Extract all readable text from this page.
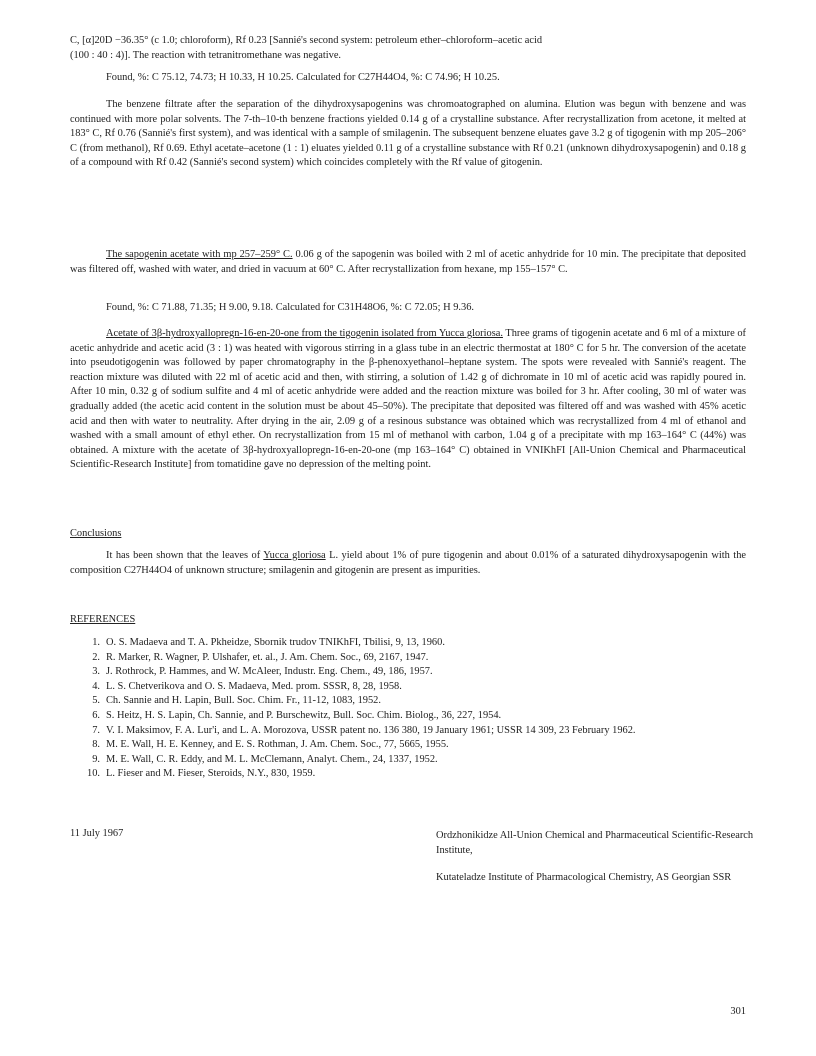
C, [α]20D −36.35° (c 1.0; chloroform), Rf 0.23 [Sannié's second system: petroleum ether–chloroform–acetic acid
(100 : 40 : 4)]. The reaction with tetranitromethane was negative.
Found, %: C 75.12, 74.73; H 10.33, H 10.25. Calculated for C27H44O4, %: C 74.96; H 10.25.
The benzene filtrate after the separation of the dihydroxysapogenins was chromoatographed on alumina. Elution was begun with benzene and was continued with more polar solvents. The 7-th–10-th benzene fractions yielded 0.14 g of a crystalline substance. After recrystallization from acetone, it melted at 183° C, Rf 0.76 (Sannié's first system), and was identical with a sample of smilagenin. The subsequent benzene eluates gave 3.2 g of tigogenin with mp 205–206° C (from methanol), Rf 0.69. Ethyl acetate–acetone (1 : 1) eluates yielded 0.11 g of a crystalline substance with Rf 0.21 (unknown dihydroxysapogenin) and 0.18 g of a compound with Rf 0.42 (Sannié's second system) which coincides completely with the Rf value of gitogenin.
The sapogenin acetate with mp 257–259° C. 0.06 g of the sapogenin was boiled with 2 ml of acetic anhydride for 10 min. The precipitate that deposited was filtered off, washed with water, and dried in vacuum at 60° C. After recrystallization from hexane, mp 155–157° C.
Found, %: C 71.88, 71.35; H 9.00, 9.18. Calculated for C31H48O6, %: C 72.05; H 9.36.
Acetate of 3β-hydroxyallopregn-16-en-20-one from the tigogenin isolated from Yucca gloriosa. Three grams of tigogenin acetate and 6 ml of a mixture of acetic anhydride and acetic acid (3 : 1) was heated with vigorous stirring in a glass tube in an electric thermostat at 180° C for 5 hr. The conversion of the acetate into pseudotigogenin was followed by paper chromatography in the β-phenoxyethanol–heptane system. The spots were revealed with Sannié's reagent. The reaction mixture was diluted with 22 ml of acetic acid and then, with stirring, a solution of 1.42 g of dichromate in 10 ml of acetic acid was rapidly poured in. After 10 min, 0.32 g of sodium sulfite and 4 ml of acetic anhydride were added and the reaction mixture was boiled for 3 hr. After cooling, 30 ml of water was gradually added (the acetic acid content in the solution must be about 45–50%). The precipitate that deposited was filtered off and was washed with 45% acetic acid and then with water to neutrality. After drying in the air, 2.09 g of a resinous substance was obtained which was recrystallized from 4 ml of ethanol and washed with a small amount of ethyl ether. On recrystallization from 15 ml of methanol with carbon, 1.04 g of a precipitate with mp 163–164° C (44%) was obtained. A mixture with the acetate of 3β-hydroxyallopregn-16-en-20-one (mp 163–164° C) obtained in VNIKhFI [All-Union Chemical and Pharmaceutical Scientific-Research Institute] from tomatidine gave no depression of the melting point.
Conclusions
It has been shown that the leaves of Yucca gloriosa L. yield about 1% of pure tigogenin and about 0.01% of a saturated dihydroxysapogenin with the composition C27H44O4 of unknown structure; smilagenin and gitogenin are present as impurities.
REFERENCES
1. O. S. Madaeva and T. A. Pkheidze, Sbornik trudov TNIKhFI, Tbilisi, 9, 13, 1960.
2. R. Marker, R. Wagner, P. Ulshafer, et. al., J. Am. Chem. Soc., 69, 2167, 1947.
3. J. Rothrock, P. Hammes, and W. McAleer, Industr. Eng. Chem., 49, 186, 1957.
4. L. S. Chetverikova and O. S. Madaeva, Med. prom. SSSR, 8, 28, 1958.
5. Ch. Sannie and H. Lapin, Bull. Soc. Chim. Fr., 11-12, 1083, 1952.
6. S. Heitz, H. S. Lapin, Ch. Sannie, and P. Burschewitz, Bull. Soc. Chim. Biolog., 36, 227, 1954.
7. V. I. Maksimov, F. A. Lur'i, and L. A. Morozova, USSR patent no. 136 380, 19 January 1961; USSR 14 309, 23 February 1962.
8. M. E. Wall, H. E. Kenney, and E. S. Rothman, J. Am. Chem. Soc., 77, 5665, 1955.
9. M. E. Wall, C. R. Eddy, and M. L. McClemann, Analyt. Chem., 24, 1337, 1952.
10. L. Fieser and M. Fieser, Steroids, N.Y., 830, 1959.
11 July 1967	Ordzhonikidze All-Union Chemical and Pharmaceutical Scientific-Research Institute,
Kutateladze Institute of Pharmacological Chemistry, AS Georgian SSR
301
